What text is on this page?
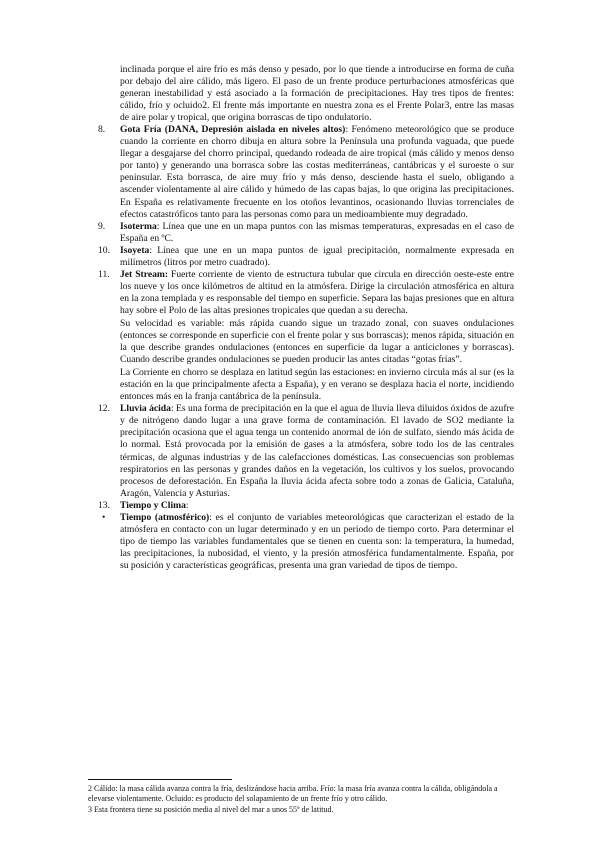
inclinada porque el aire frío es más denso y pesado, por lo que tiende a introducirse en forma de cuña por debajo del aire cálido, más ligero. El paso de un frente produce perturbaciones atmosféricas que generan inestabilidad y está asociado a la formación de precipitaciones. Hay tres tipos de frentes: cálido, frío y ocluido2. El frente más importante en nuestra zona es el Frente Polar3, entre las masas de aire polar y tropical, que origina borrascas de tipo ondulatorio.

8.	Gota Fría (DANA, Depresión aislada en niveles altos): Fenómeno meteorológico que se produce cuando la corriente en chorro dibuja en altura sobre la Península una profunda vaguada, que puede llegar a desgajarse del chorro principal, quedando rodeada de aire tropical (más cálido y menos denso por tanto) y generando una borrasca sobre las costas mediterráneas, cantábricas y el suroeste o sur peninsular. Esta borrasca, de aire muy frío y más denso, desciende hasta el suelo, obligando a ascender violentamente al aire cálido y húmedo de las capas bajas, lo que origina las precipitaciones. En España es relativamente frecuente en los otoños levantinos, ocasionando lluvias torrenciales de efectos catastróficos tanto para las personas como para un medioambiente muy degradado.

9.	Isoterma: Línea que une en un mapa puntos con las mismas temperaturas, expresadas en el caso de España en ºC.

10.	Isoyeta: Línea que une en un mapa puntos de igual precipitación, normalmente expresada en milímetros (litros por metro cuadrado).

11.	Jet Stream: Fuerte corriente de viento de estructura tubular que circula en dirección oeste-este entre los nueve y los once kilómetros de altitud en la atmósfera. Dirige la circulación atmosférica en altura en la zona templada y es responsable del tiempo en superficie. Separa las bajas presiones que en altura hay sobre el Polo de las altas presiones tropicales que quedan a su derecha.

Su velocidad es variable: más rápida cuando sigue un trazado zonal, con suaves ondulaciones (entonces se corresponde en superficie con el frente polar y sus borrascas); menos rápida, situación en la que describe grandes ondulaciones (entonces en superficie da lugar a anticiclones y borrascas). Cuando describe grandes ondulaciones se pueden producir las antes citadas “gotas frías”.

La Corriente en chorro se desplaza en latitud según las estaciones: en invierno circula más al sur (es la estación en la que principalmente afecta a España), y en verano se desplaza hacia el norte, incidiendo entonces más en la franja cantábrica de la península.

12.	Lluvia ácida: Es una forma de precipitación en la que el agua de lluvia lleva diluidos óxidos de azufre y de nitrógeno dando lugar a una grave forma de contaminación. El lavado de SO2 mediante la precipitación ocasiona que el agua tenga un contenido anormal de ión de sulfato, siendo más ácida de lo normal. Está provocada por la emisión de gases a la atmósfera, sobre todo los de las centrales térmicas, de algunas industrias y de las calefacciones domésticas. Las consecuencias son problemas respiratorios en las personas y grandes daños en la vegetación, los cultivos y los suelos, provocando procesos de deforestación. En España la lluvia ácida afecta sobre todo a zonas de Galicia, Cataluña, Aragón, Valencia y Asturias.

13.	Tiempo y Clima:

• Tiempo (atmosférico): es el conjunto de variables meteorológicas que caracterizan el estado de la atmósfera en contacto con un lugar determinado y en un periodo de tiempo corto. Para determinar el tipo de tiempo las variables fundamentales que se tienen en cuenta son: la temperatura, la humedad, las precipitaciones, la nubosidad, el viento, y la presión atmosférica fundamentalmente. España, por su posición y características geográficas, presenta una gran variedad de tipos de tiempo.

2 Cálido: la masa cálida avanza contra la fría, deslizándose hacia arriba. Frío: la masa fría avanza contra la cálida, obligándola a elevarse violentamente. Ocluido: es producto del solapamiento de un frente frío y otro cálido.

3 Esta frontera tiene su posición media al nivel del mar a unos 55º de latitud.
